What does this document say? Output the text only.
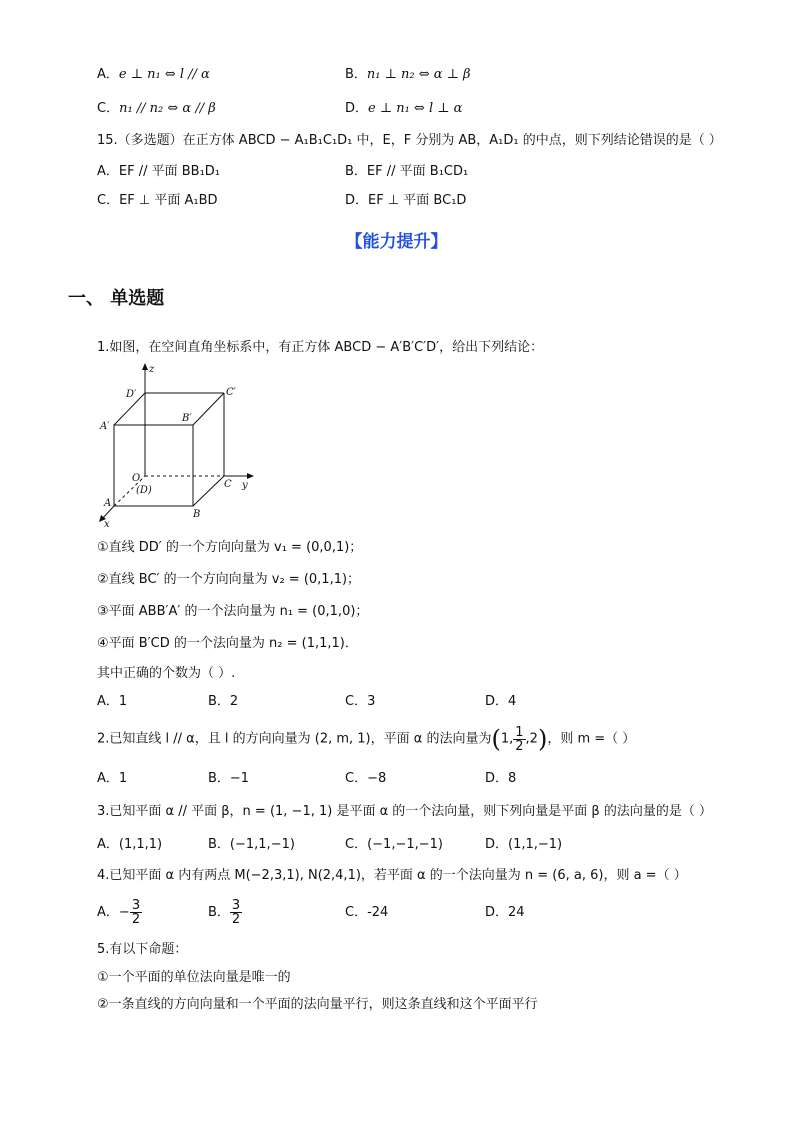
A．e ⊥ n₁ ⇔ l // α	B．n₁ ⊥ n₂ ⇔ α ⊥ β
C．n₁ // n₂ ⇔ α // β	D．e ⊥ n₁ ⇔ l ⊥ α
15.（多选题）在正方体 ABCD − A₁B₁C₁D₁ 中，E，F 分别为 AB，A₁D₁ 的中点，则下列结论错误的是（ ）
A．EF // 平面 BB₁D₁	B．EF // 平面 B₁CD₁
C．EF ⊥ 平面 A₁BD	D．EF ⊥ 平面 BC₁D
【能力提升】
一、 单选题
1.如图，在空间直角坐标系中，有正方体 ABCD − A′B′C′D′，给出下列结论：
z
y
x
D′	C′
A′
B′
O
(D)
A
B
C
①直线 DD′ 的一个方向向量为 v₁ = (0,0,1)；
②直线 BC′ 的一个方向向量为 v₂ = (0,1,1)；
③平面 ABB′A′ 的一个法向量为 n₁ = (0,1,0)；
④平面 B′CD 的一个法向量为 n₂ = (1,1,1)．
其中正确的个数为（ ）.
A．1	B．2	C．3	D．4
2.已知直线 l // α，且 l 的方向向量为 (2, m, 1)，平面 α 的法向量为(1, $\frac{1}{2} ,2$)，则 m =（ ）
A．1	B．−1	C．−8	D．8
3.已知平面 α // 平面 β，n = (1, −1, 1) 是平面 α 的一个法向量，则下列向量是平面 β 的法向量的是（ ）
A．(1,1,1)	B．(−1,1,−1)	C．(−1,−1,−1)	D．(1,1,−1)
4.已知平面 α 内有两点 M(−2,3,1), N(2,4,1)，若平面 α 的一个法向量为 n = (6, a, 6)，则 a =（ ）
A．− $\frac{3}{2}$	B． $\frac{3}{2}$	C．-24	D．24
5.有以下命题：
①一个平面的单位法向量是唯一的
②一条直线的方向向量和一个平面的法向量平行，则这条直线和这个平面平行
